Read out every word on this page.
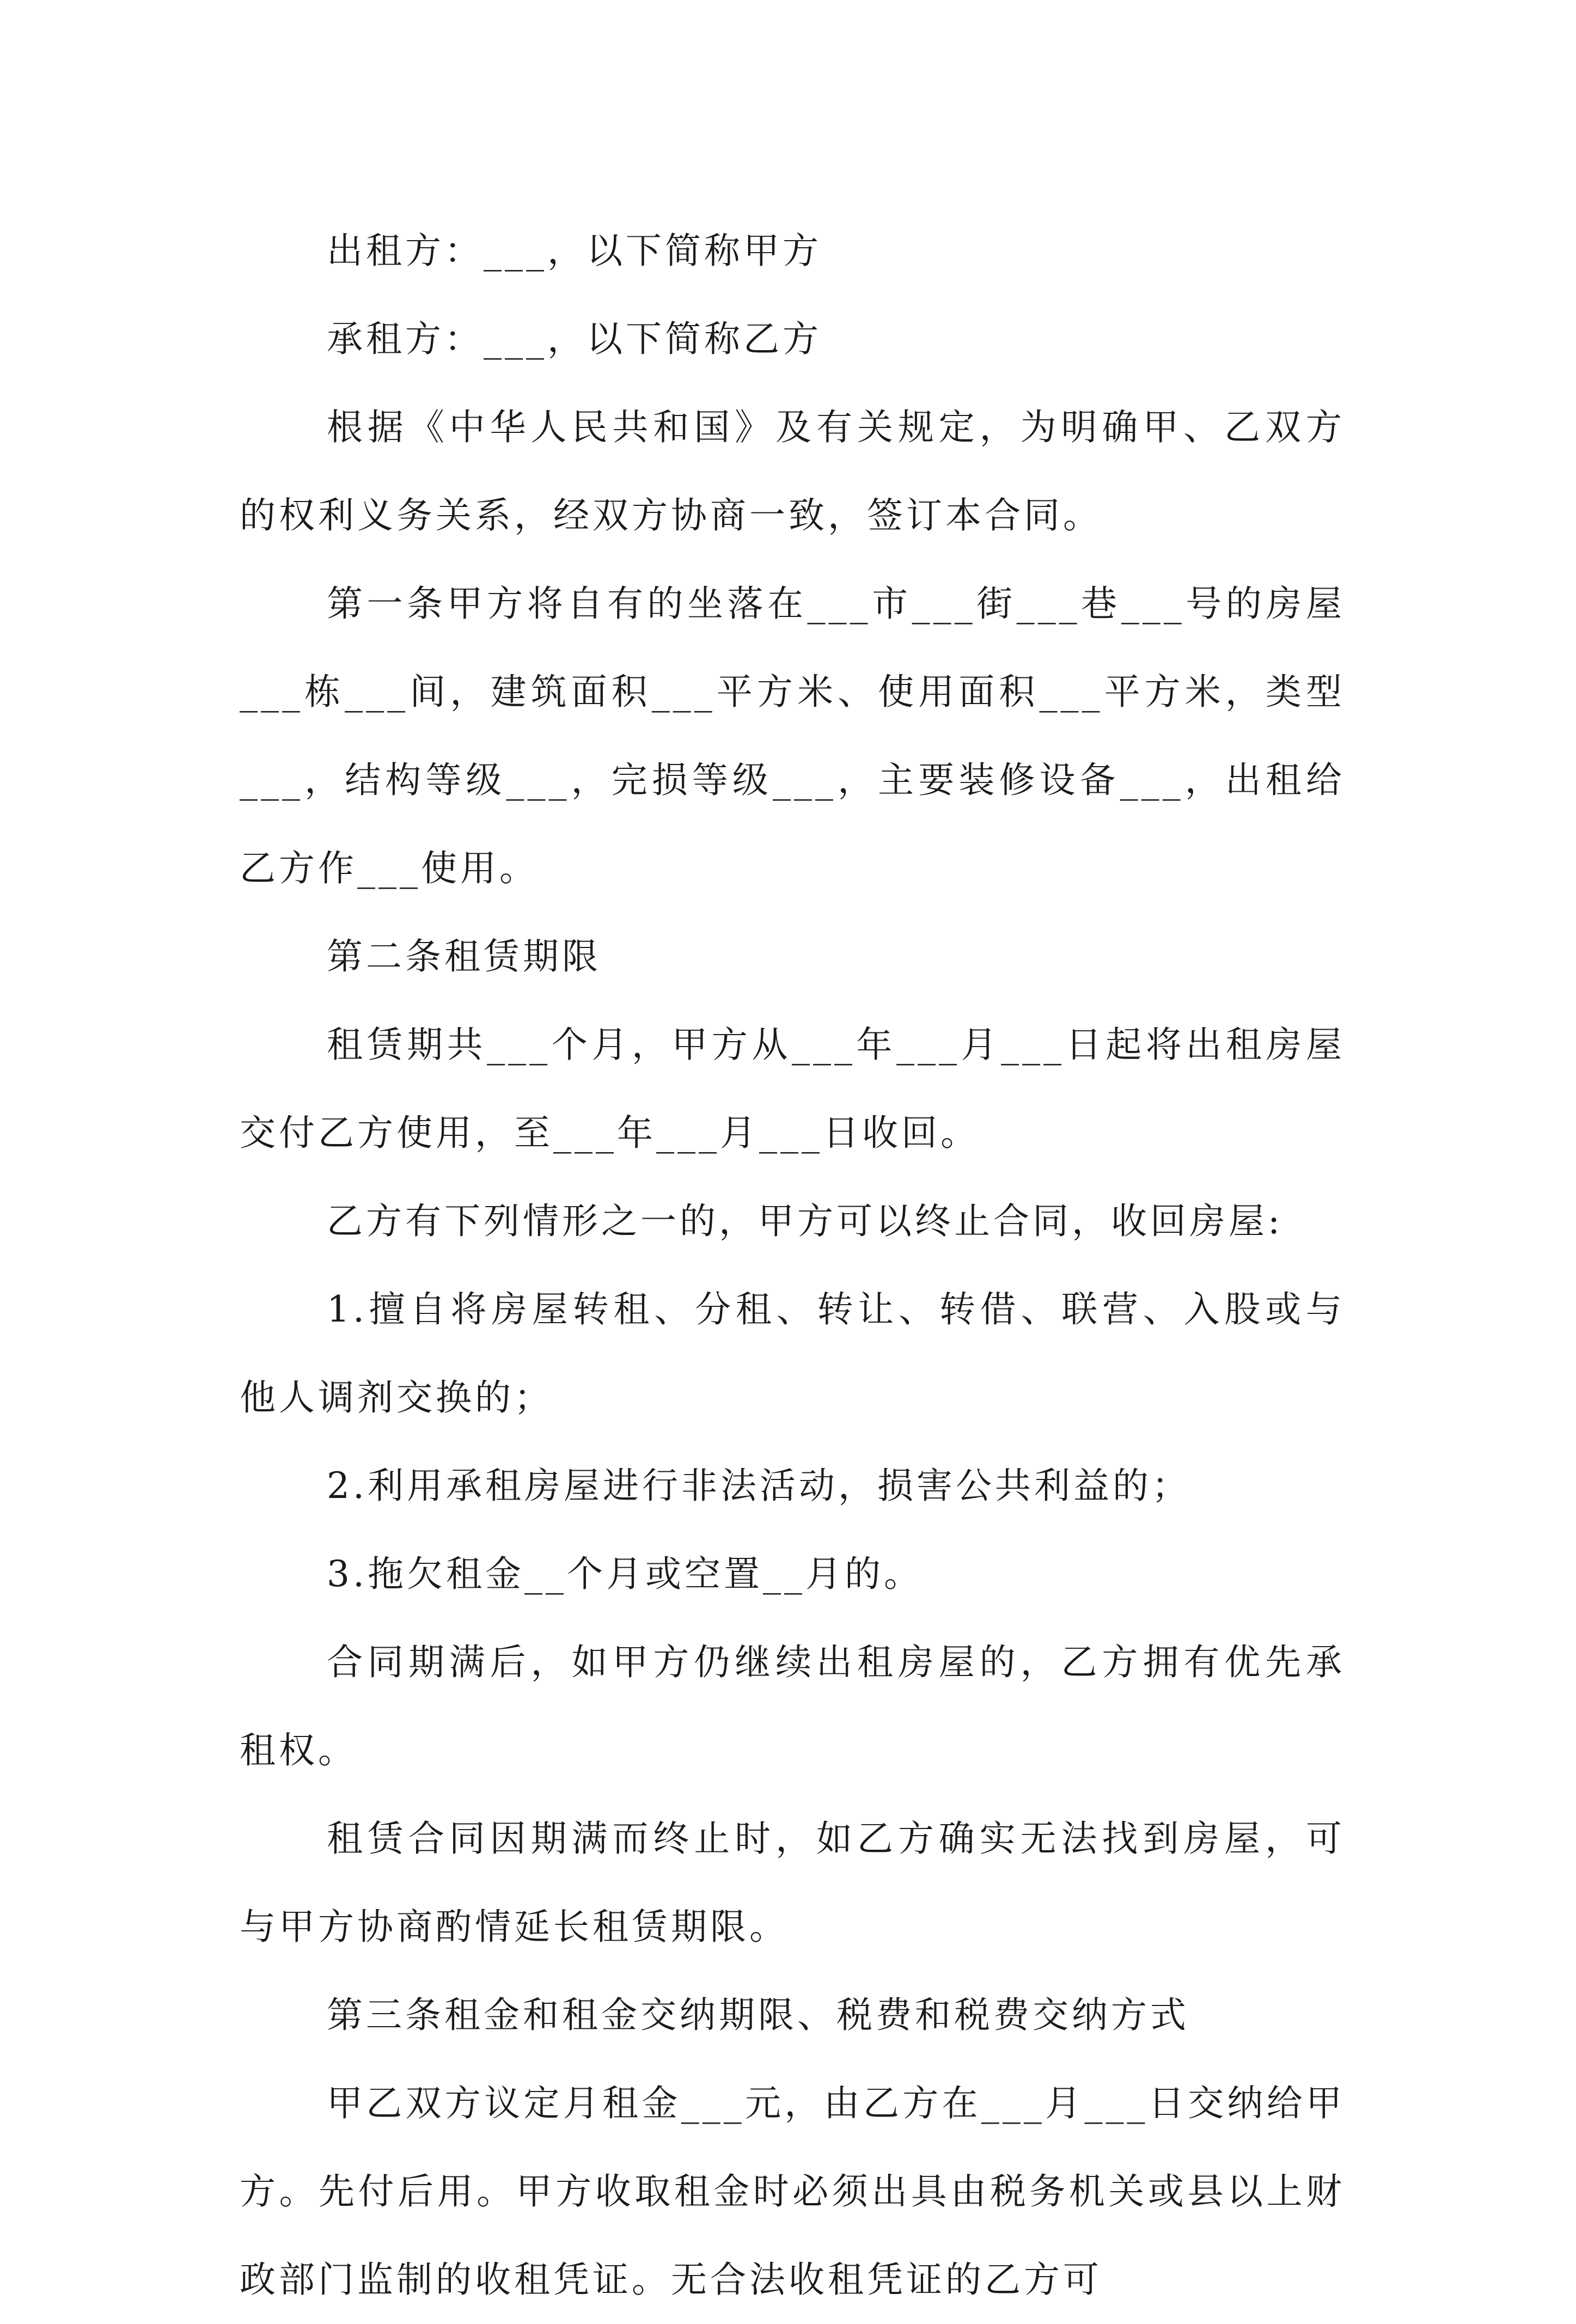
出租方：___，以下简称甲方

承租方：___，以下简称乙方

根据《中华人民共和国》及有关规定，为明确甲、乙双方的权利义务关系，经双方协商一致，签订本合同。

第一条甲方将自有的坐落在___市___街___巷___号的房屋___栋___间，建筑面积___平方米、使用面积___平方米，类型___，结构等级___，完损等级___，主要装修设备___，出租给乙方作___使用。

第二条租赁期限

租赁期共___个月，甲方从___年___月___日起将出租房屋交付乙方使用，至___年___月___日收回。

乙方有下列情形之一的，甲方可以终止合同，收回房屋:

1.擅自将房屋转租、分租、转让、转借、联营、入股或与他人调剂交换的；

2.利用承租房屋进行非法活动，损害公共利益的；

3.拖欠租金__个月或空置__月的。

合同期满后，如甲方仍继续出租房屋的，乙方拥有优先承租权。

租赁合同因期满而终止时，如乙方确实无法找到房屋，可与甲方协商酌情延长租赁期限。

第三条租金和租金交纳期限、税费和税费交纳方式

甲乙双方议定月租金___元，由乙方在___月___日交纳给甲方。先付后用。甲方收取租金时必须出具由税务机关或县以上财政部门监制的收租凭证。无合法收租凭证的乙方可
